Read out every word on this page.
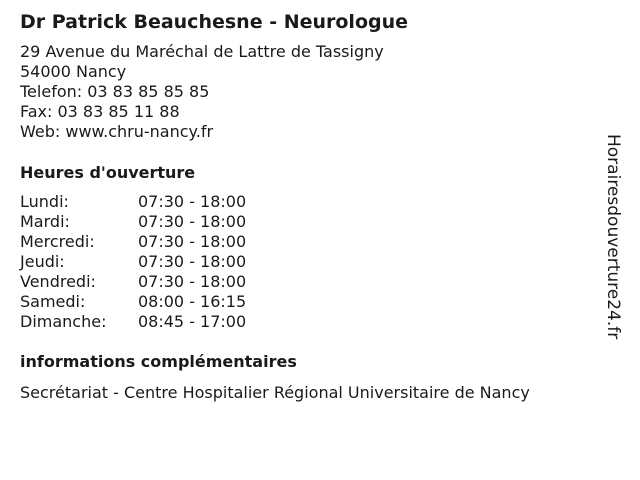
Dr Patrick Beauchesne - Neurologue
29 Avenue du Maréchal de Lattre de Tassigny
54000 Nancy
Telefon: 03 83 85 85 85
Fax: 03 83 85 11 88
Web: www.chru-nancy.fr
Heures d'ouverture
Lundi:	07:30 - 18:00
Mardi:	07:30 - 18:00
Mercredi:	07:30 - 18:00
Jeudi:	07:30 - 18:00
Vendredi:	07:30 - 18:00
Samedi:	08:00 - 16:15
Dimanche:	08:45 - 17:00
informations complémentaires
Secrétariat - Centre Hospitalier Régional Universitaire de Nancy
Horairesdouverture24.fr
